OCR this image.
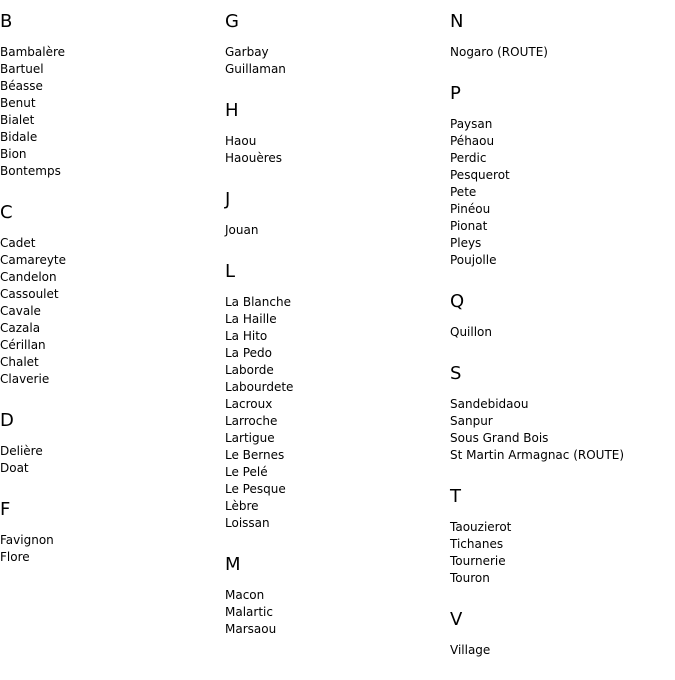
B
Bambalère
Bartuel
Béasse
Benut
Bialet
Bidale
Bion
Bontemps
C
Cadet
Camareyte
Candelon
Cassoulet
Cavale
Cazala
Cérillan
Chalet
Claverie
D
Delière
Doat
F
Favignon
Flore
G
Garbay
Guillaman
H
Haou
Haouères
J
Jouan
L
La Blanche
La Haille
La Hito
La Pedo
Laborde
Labourdete
Lacroux
Larroche
Lartigue
Le Bernes
Le Pelé
Le Pesque
Lèbre
Loissan
M
Macon
Malartic
Marsaou
N
Nogaro (ROUTE)
P
Paysan
Péhaou
Perdic
Pesquerot
Pete
Pinéou
Pionat
Pleys
Poujolle
Q
Quillon
S
Sandebidaou
Sanpur
Sous Grand Bois
St Martin Armagnac (ROUTE)
T
Taouzierot
Tichanes
Tournerie
Touron
V
Village
